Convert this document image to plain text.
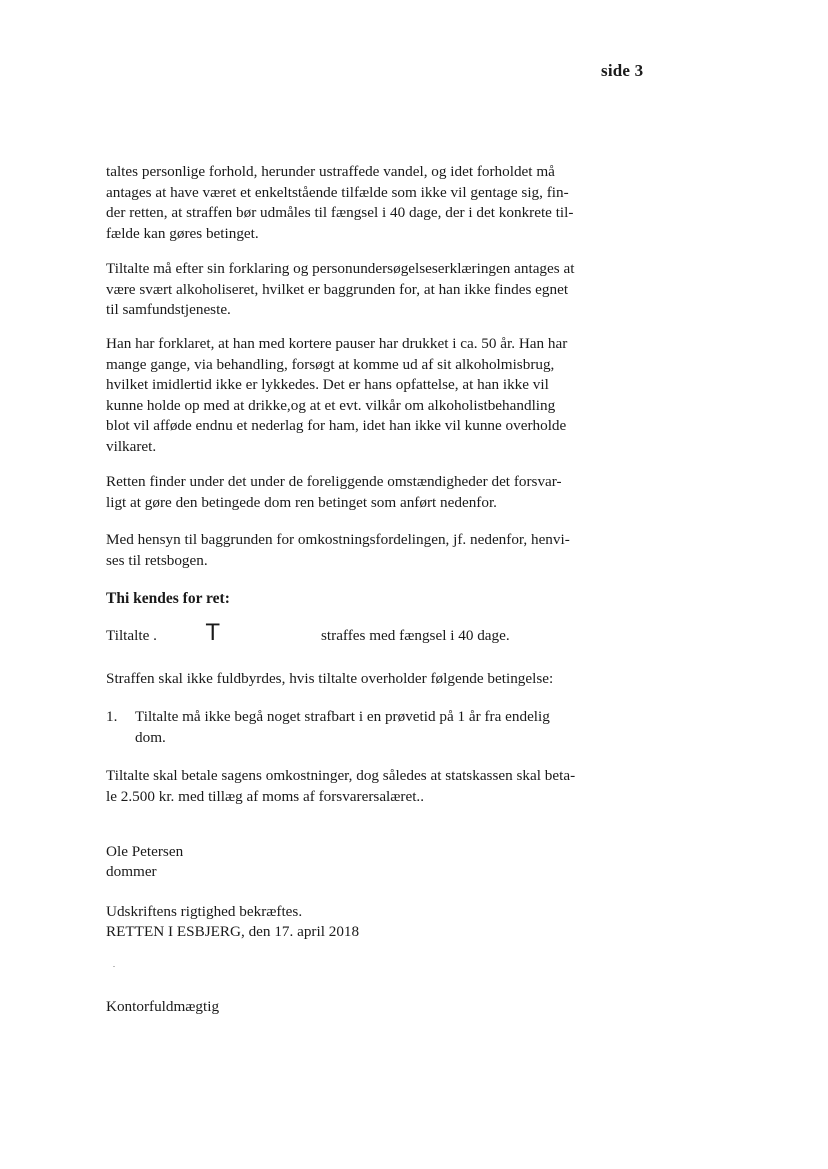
side 3
taltes personlige forhold, herunder ustraffede vandel, og idet forholdet må
antages at have været et enkeltstående tilfælde som ikke vil gentage sig, fin-
der retten, at straffen bør udmåles til fængsel i 40 dage, der i det konkrete til-
fælde kan gøres betinget.
Tiltalte må efter sin forklaring og personundersøgelseserklæringen antages at
være svært alkoholiseret, hvilket er baggrunden for, at han ikke findes egnet
til samfundstjeneste.
Han har forklaret, at han med kortere pauser har drukket i ca. 50 år. Han har
mange gange, via behandling, forsøgt at komme ud af sit alkoholmisbrug,
hvilket imidlertid ikke er lykkedes. Det er hans opfattelse, at han ikke vil
kunne holde op med at drikke,og at et evt. vilkår om alkoholistbehandling
blot vil afføde endnu et nederlag for ham, idet han ikke vil kunne overholde
vilkaret.
Retten finder under det under de foreliggende omstændigheder det forsvar-
ligt at gøre den betingede dom ren betinget som anført nedenfor.
Med hensyn til baggrunden for omkostningsfordelingen, jf. nedenfor, henvi-
ses til retsbogen.
Thi kendes for ret:
Tiltalte . T	straffes med fængsel i 40 dage.
Straffen skal ikke fuldbyrdes, hvis tiltalte overholder følgende betingelse:
1. Tiltalte må ikke begå noget strafbart i en prøvetid på 1 år fra endelig
dom.
Tiltalte skal betale sagens omkostninger, dog således at statskassen skal beta-
le 2.500 kr. med tillæg af moms af forsvarersalæret..
Ole Petersen
dommer
Udskriftens rigtighed bekræftes.
RETTEN I ESBJERG, den 17. april 2018
Kontorfuldmægtig
